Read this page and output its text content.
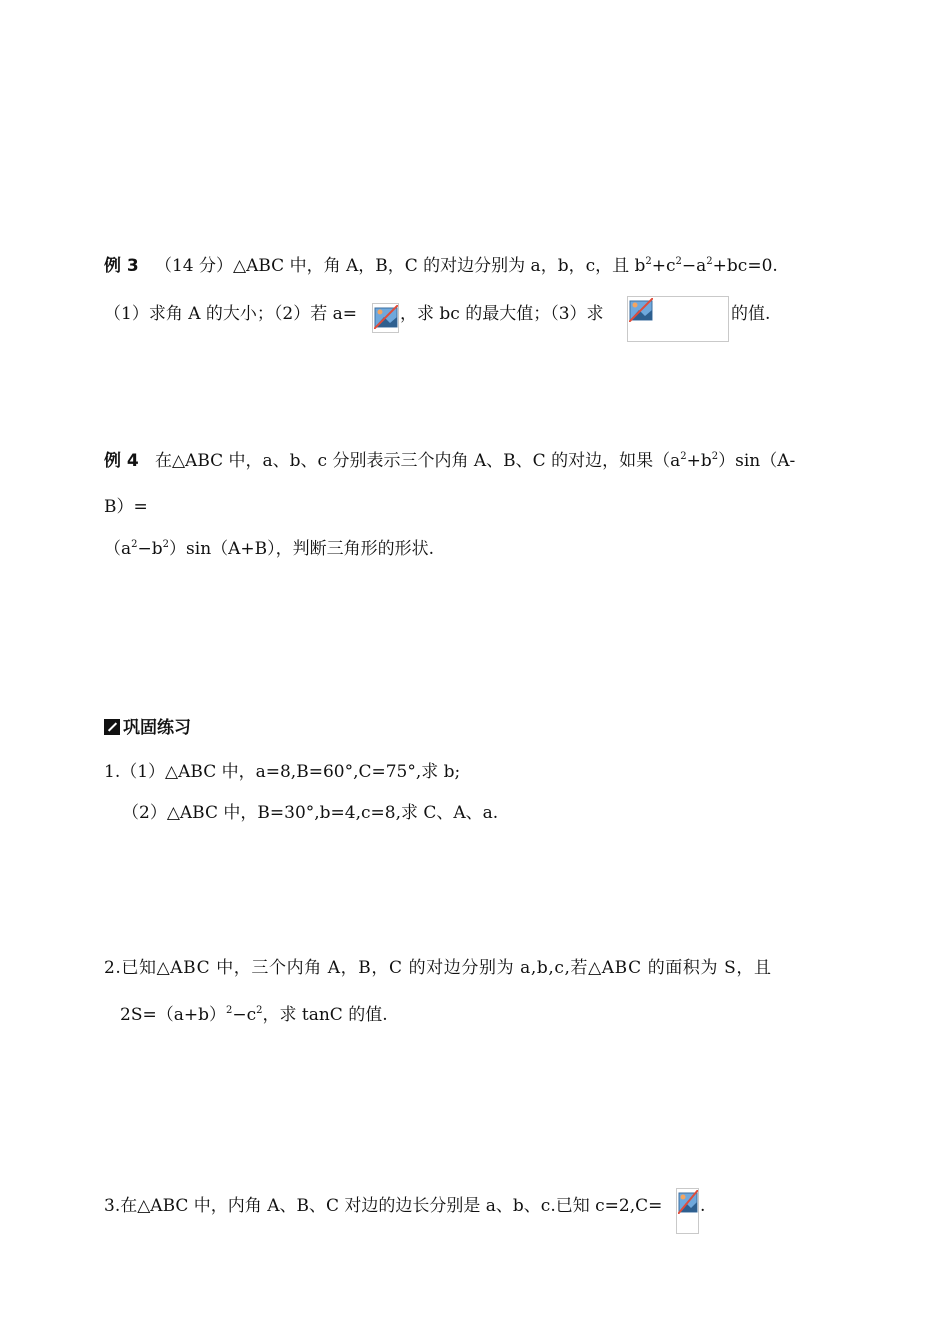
例 3 （14 分）△ABC 中，角 A，B，C 的对边分别为 a，b，c，且 $b^2+c^2-a^2+bc=0$.
（1）求角 A 的大小；（2）若 a=	，求 bc 的最大值；（3）求	的值.
例 4 在△ABC 中，a、b、c 分别表示三个内角 A、B、C 的对边，如果$(a^2+b^2)\sin(A-$
B）=
$(a^2-b^2)\sin(A+B)$，判断三角形的形状.
巩固练习
1.（1）△ABC 中，a=8,B=60°,C=75°,求 b;
（2）△ABC 中，B=30°,b=4,c=8,求 C、A、a.
2.已知△ABC 中，三个内角 A，B，C 的对边分别为 a,b,c,若△ABC 的面积为 S，且
$2S=(a+b)^2-c^2$，求 tanC 的值.
3.在△ABC 中，内角 A、B、C 对边的边长分别是 a、b、c.已知 c=2,C= .
